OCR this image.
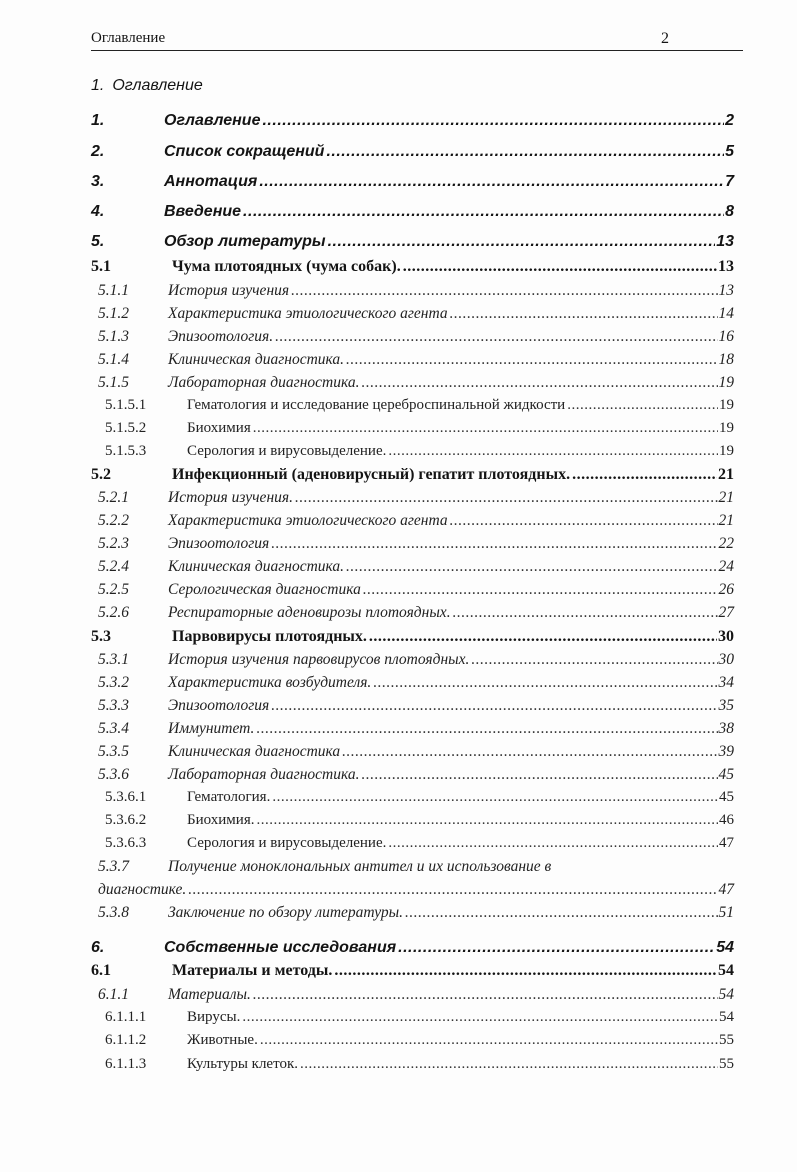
Оглавление	2
1. Оглавление
1.	Оглавление .....	2
2.	Список сокращений .....	5
3.	Аннотация .....	7
4.	Введение .....	8
5.	Обзор литературы .....	13
5.1	Чума плотоядных (чума собак). .....	13
5.1.1	История изучения .....	13
5.1.2	Характеристика этиологического агента .....	14
5.1.3	Эпизоотология. .....	16
5.1.4	Клиническая диагностика. .....	18
5.1.5	Лабораторная диагностика. .....	19
5.1.5.1	Гематология и исследование цереброспинальной жидкости .....	19
5.1.5.2	Биохимия .....	19
5.1.5.3	Серология и вирусовыделение. .....	19
5.2	Инфекционный (аденовирусный) гепатит плотоядных. .....	21
5.2.1	История изучения. .....	21
5.2.2	Характеристика этиологического агента .....	21
5.2.3	Эпизоотология .....	22
5.2.4	Клиническая диагностика. .....	24
5.2.5	Серологическая диагностика .....	26
5.2.6	Респираторные аденовирозы плотоядных. .....	27
5.3	Парвовирусы плотоядных. .....	30
5.3.1	История изучения парвовирусов плотоядных. .....	30
5.3.2	Характеристика возбудителя. .....	34
5.3.3	Эпизоотология .....	35
5.3.4	Иммунитет. .....	38
5.3.5	Клиническая диагностика .....	39
5.3.6	Лабораторная диагностика. .....	45
5.3.6.1	Гематология. .....	45
5.3.6.2	Биохимия. .....	46
5.3.6.3	Серология и вирусовыделение. .....	47
5.3.7	Получение моноклональных антител и их использование в
диагностике. .....	47
5.3.8	Заключение по обзору литературы. .....	51
6.	Собственные исследования .....	54
6.1	Материалы и методы. .....	54
6.1.1	Материалы. .....	54
6.1.1.1	Вирусы. .....	54
6.1.1.2	Животные. .....	55
6.1.1.3	Культуры клеток. .....	55
